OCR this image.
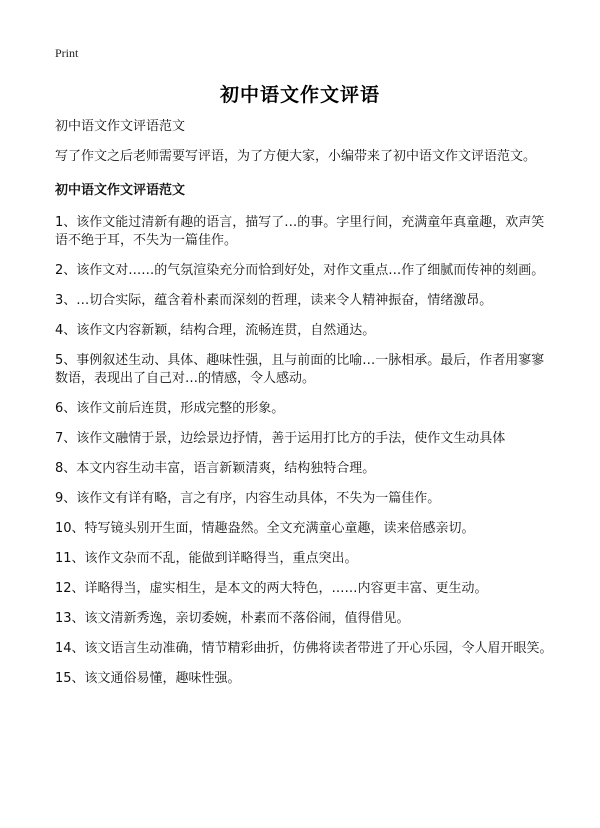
Print
初中语文作文评语

初中语文作文评语范文

写了作文之后老师需要写评语，为了方便大家，小编带来了初中语文作文评语范文。

初中语文作文评语范文

1、该作文能过清新有趣的语言，描写了…的事。字里行间，充满童年真童趣，欢声笑语不绝于耳，不失为一篇佳作。
2、该作文对……的气氛渲染充分而恰到好处，对作文重点…作了细腻而传神的刻画。
3、…切合实际，蕴含着朴素而深刻的哲理，读来令人精神振奋，情绪激昂。
4、该作文内容新颖，结构合理，流畅连贯，自然通达。
5、事例叙述生动、具体、趣味性强，且与前面的比喻…一脉相承。最后，作者用寥寥数语，表现出了自己对…的情感，令人感动。
6、该作文前后连贯，形成完整的形象。
7、该作文融情于景，边绘景边抒情，善于运用打比方的手法，使作文生动具体
8、本文内容生动丰富，语言新颖清爽，结构独特合理。
9、该作文有详有略，言之有序，内容生动具体，不失为一篇佳作。
10、特写镜头别开生面，情趣盎然。全文充满童心童趣，读来倍感亲切。
11、该作文杂而不乱，能做到详略得当，重点突出。
12、详略得当，虚实相生，是本文的两大特色，……内容更丰富、更生动。
13、该文清新秀逸，亲切委婉，朴素而不落俗闹，值得借见。
14、该文语言生动准确，情节精彩曲折，仿佛将读者带进了开心乐园，令人眉开眼笑。
15、该文通俗易懂，趣味性强。
